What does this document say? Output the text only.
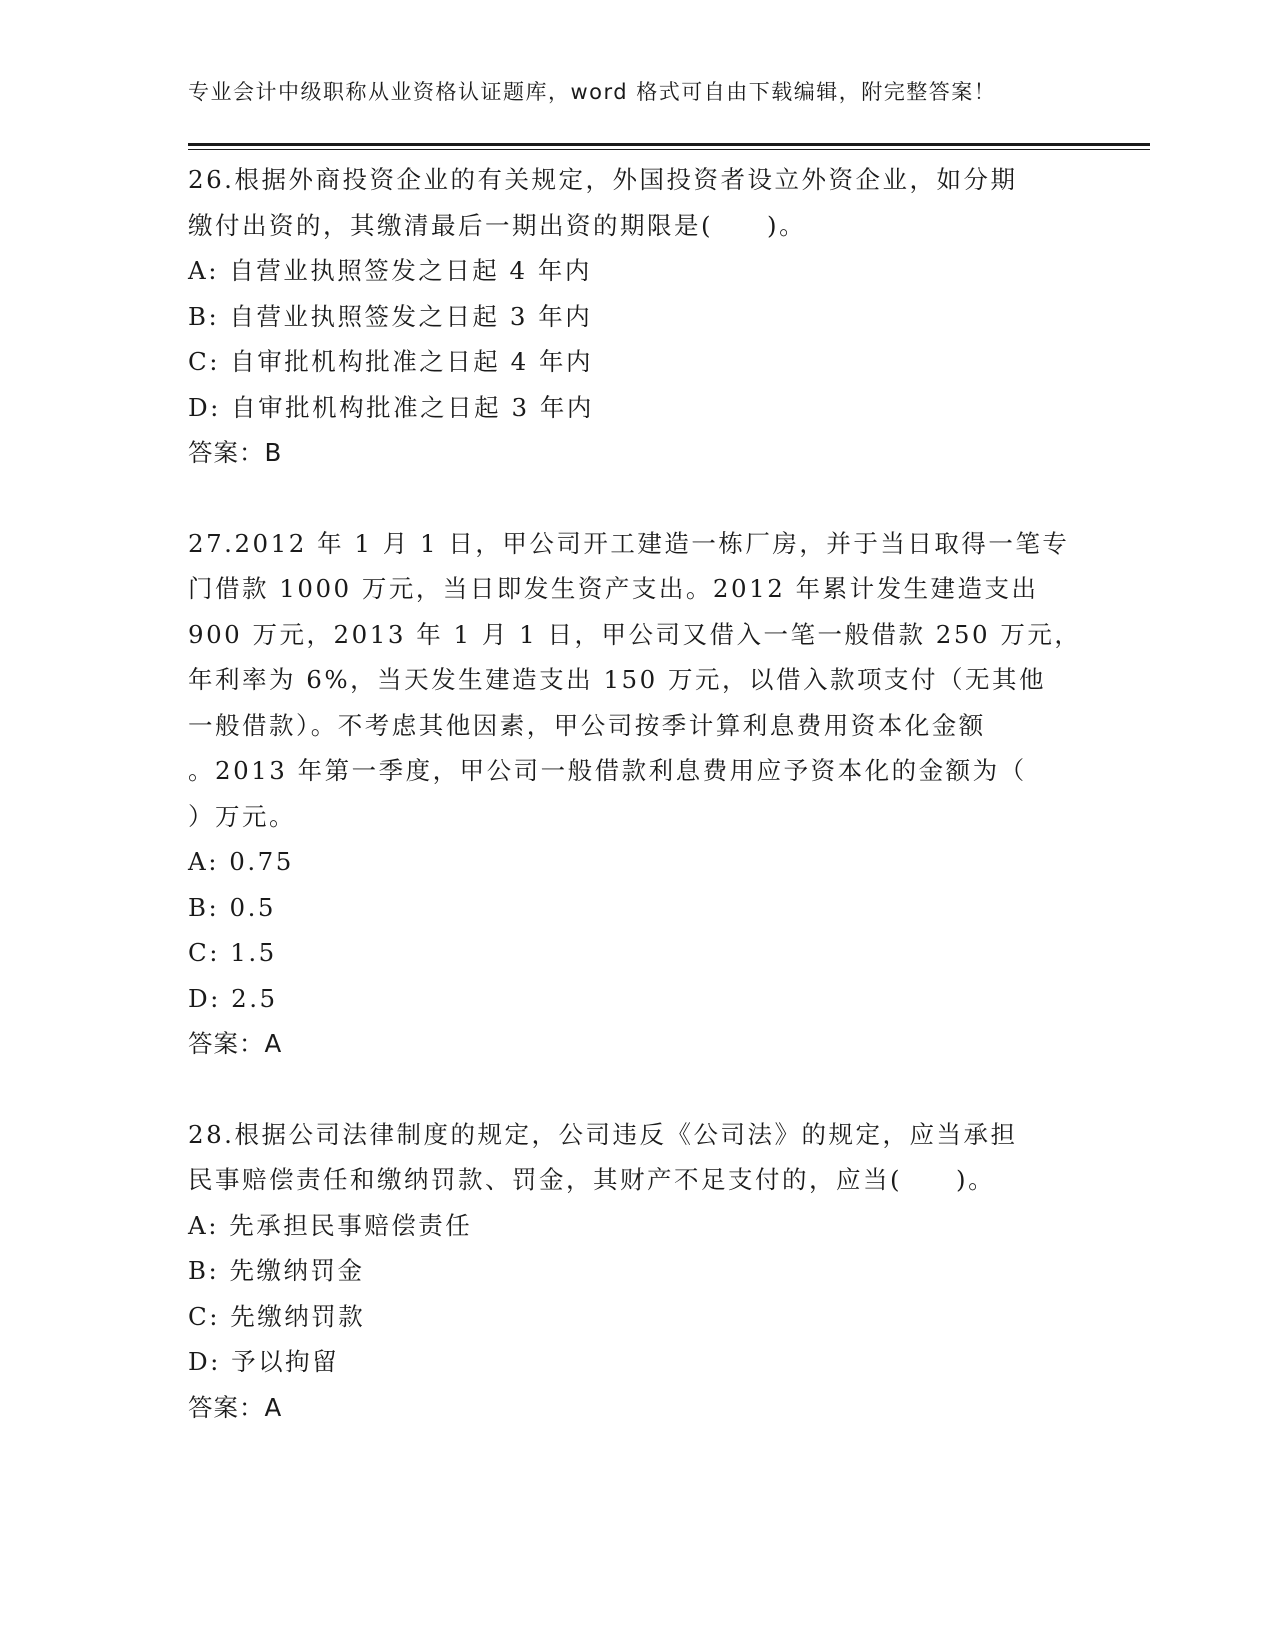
专业会计中级职称从业资格认证题库，word 格式可自由下载编辑，附完整答案！

26.根据外商投资企业的有关规定，外国投资者设立外资企业，如分期

缴付出资的，其缴清最后一期出资的期限是(　　)。

A: 自营业执照签发之日起 4 年内

B: 自营业执照签发之日起 3 年内

C: 自审批机构批准之日起 4 年内

D: 自审批机构批准之日起 3 年内

答案：B

27.2012 年 1 月 1 日，甲公司开工建造一栋厂房，并于当日取得一笔专

门借款 1000 万元，当日即发生资产支出。2012 年累计发生建造支出

900 万元，2013 年 1 月 1 日，甲公司又借入一笔一般借款 250 万元，

年利率为 6%，当天发生建造支出 150 万元，以借入款项支付（无其他

一般借款）。不考虑其他因素，甲公司按季计算利息费用资本化金额

。2013 年第一季度，甲公司一般借款利息费用应予资本化的金额为（

）万元。

A: 0.75

B: 0.5

C: 1.5

D: 2.5

答案：A

28.根据公司法律制度的规定，公司违反《公司法》的规定，应当承担

民事赔偿责任和缴纳罚款、罚金，其财产不足支付的，应当(　　)。

A: 先承担民事赔偿责任

B: 先缴纳罚金

C: 先缴纳罚款

D: 予以拘留

答案：A
